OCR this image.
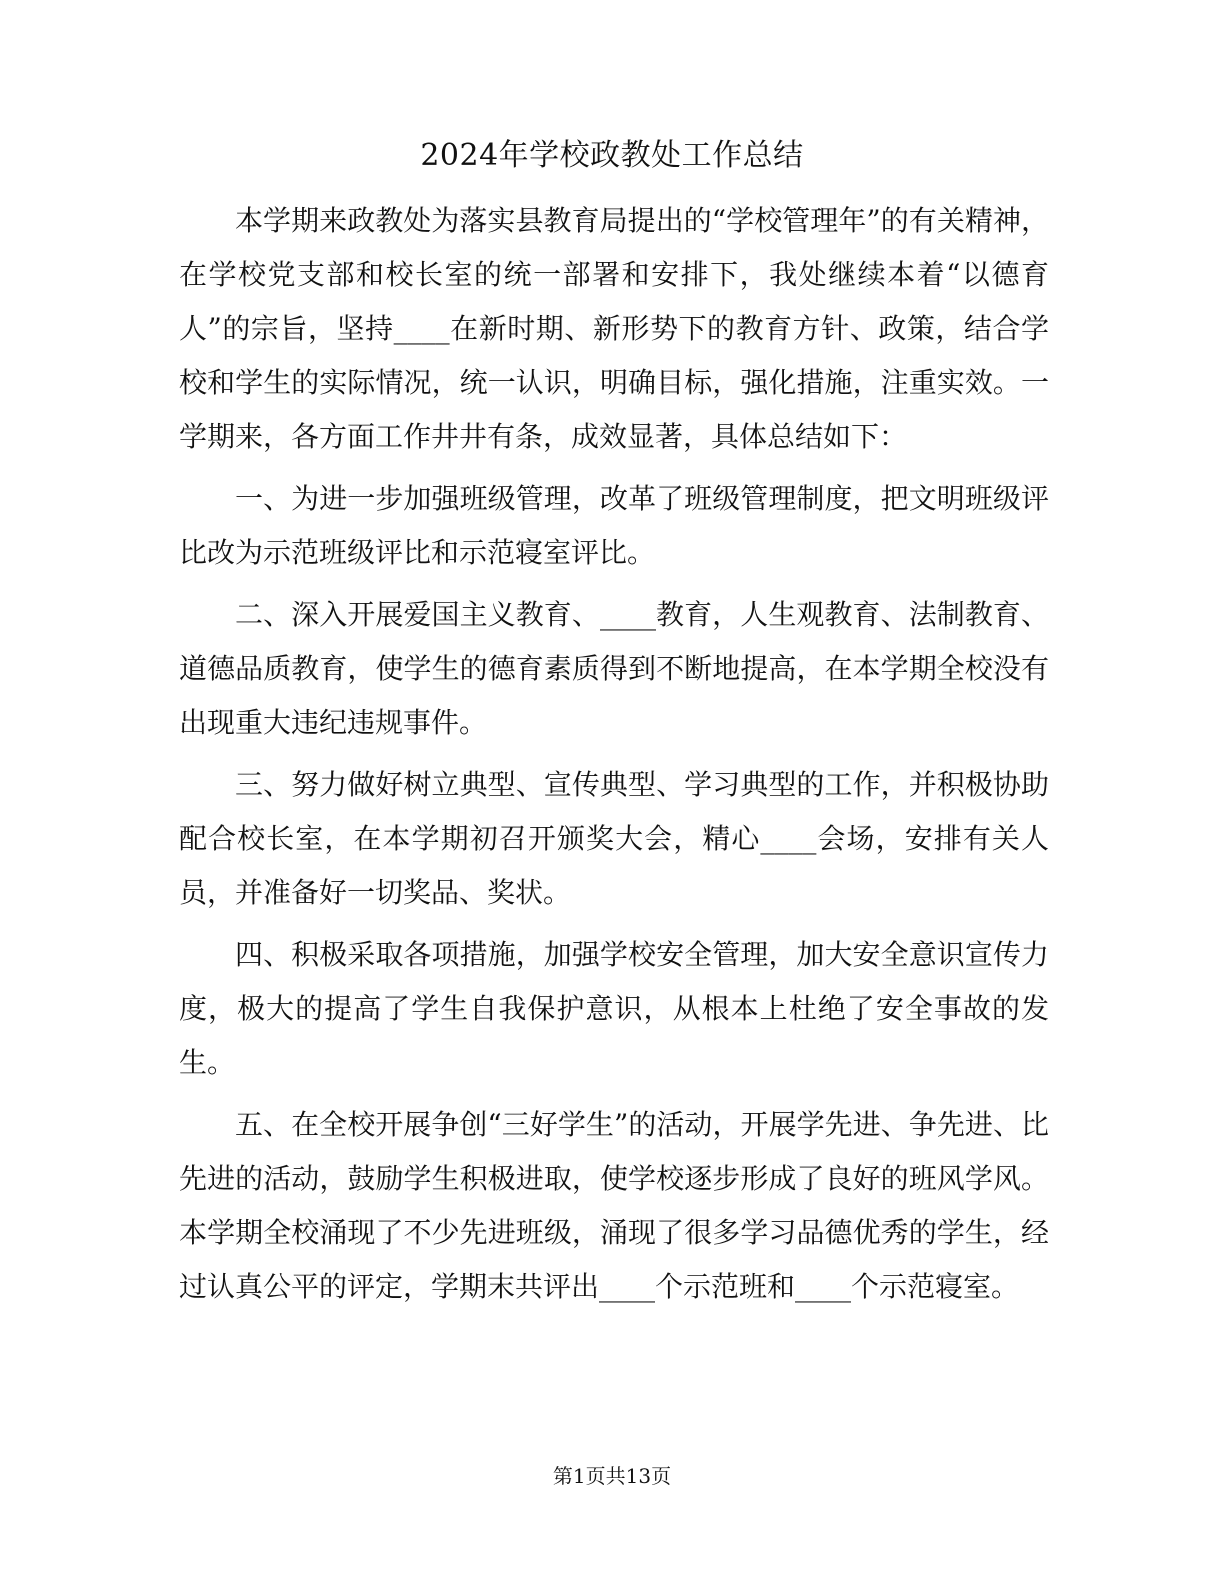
2024年学校政教处工作总结

本学期来政教处为落实县教育局提出的“学校管理年”的有关精神，在学校党支部和校长室的统一部署和安排下，我处继续本着“以德育人”的宗旨，坚持____在新时期、新形势下的教育方针、政策，结合学校和学生的实际情况，统一认识，明确目标，强化措施，注重实效。一学期来，各方面工作井井有条，成效显著，具体总结如下：

一、为进一步加强班级管理，改革了班级管理制度，把文明班级评比改为示范班级评比和示范寝室评比。

二、深入开展爱国主义教育、____教育，人生观教育、法制教育、道德品质教育，使学生的德育素质得到不断地提高，在本学期全校没有出现重大违纪违规事件。

三、努力做好树立典型、宣传典型、学习典型的工作，并积极协助配合校长室，在本学期初召开颁奖大会，精心____会场，安排有关人员，并准备好一切奖品、奖状。

四、积极采取各项措施，加强学校安全管理，加大安全意识宣传力度，极大的提高了学生自我保护意识，从根本上杜绝了安全事故的发生。

五、在全校开展争创“三好学生”的活动，开展学先进、争先进、比先进的活动，鼓励学生积极进取，使学校逐步形成了良好的班风学风。本学期全校涌现了不少先进班级，涌现了很多学习品德优秀的学生，经过认真公平的评定，学期末共评出____个示范班和____个示范寝室。

第1页共13页
